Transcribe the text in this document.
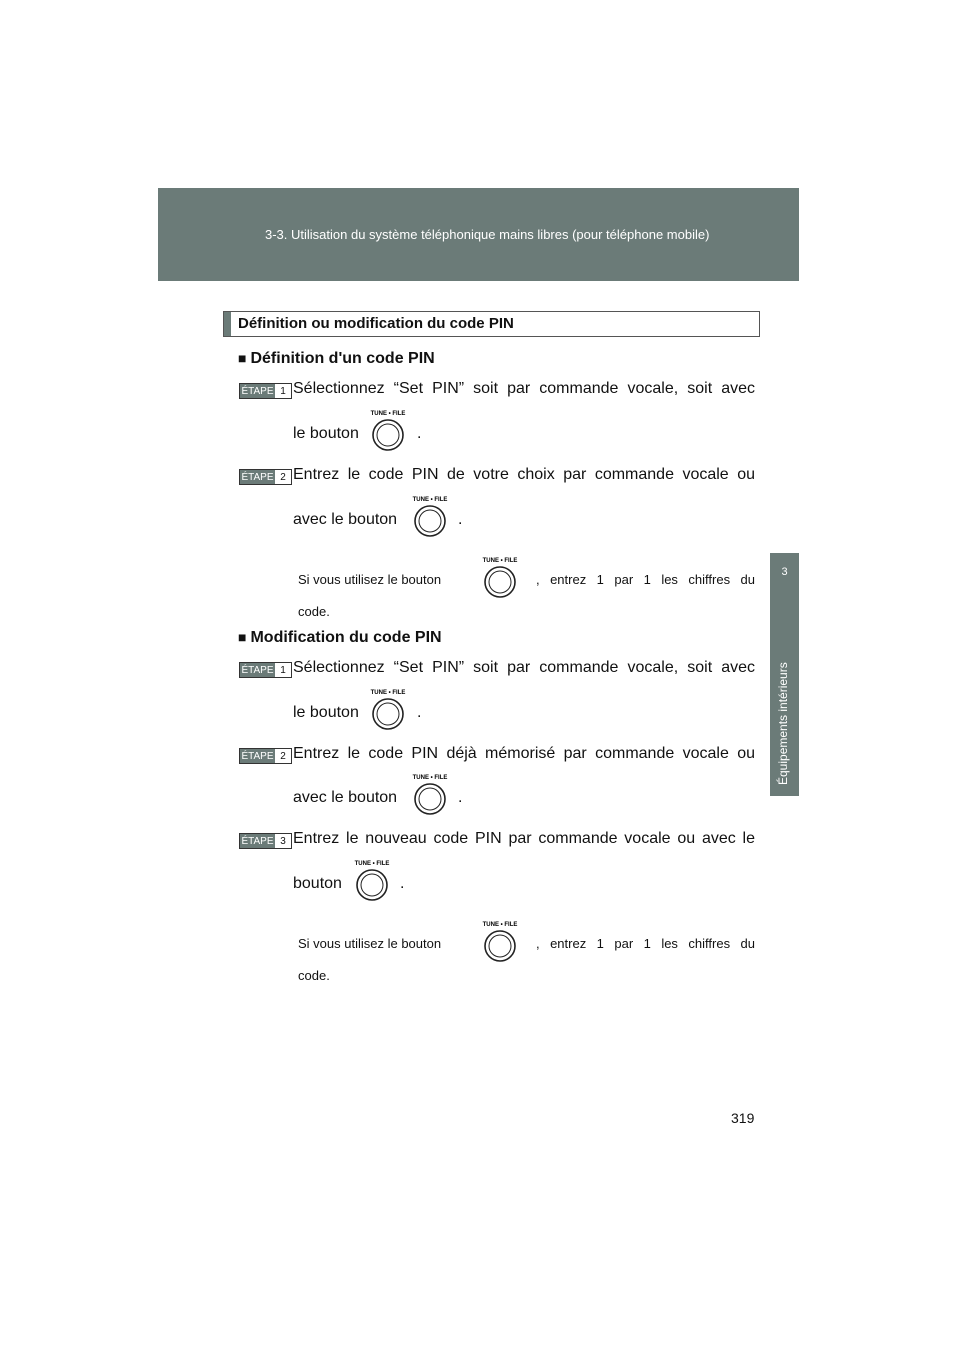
3-3. Utilisation du système téléphonique mains libres (pour téléphone mobile)
3
Équipements intérieurs
Définition ou modification du code PIN
■ Définition d'un code PIN
ÉTAPE 1 Sélectionnez “Set PIN” soit par commande vocale, soit avec
le bouton
TUNE • FILE
.
ÉTAPE 2 Entrez le code PIN de votre choix par commande vocale ou
avec le bouton
TUNE • FILE
.
Si vous utilisez le bouton
TUNE • FILE
, entrez 1 par 1 les chiffres du
code.
■ Modification du code PIN
ÉTAPE 1 Sélectionnez “Set PIN” soit par commande vocale, soit avec
le bouton
TUNE • FILE
.
ÉTAPE 2 Entrez le code PIN déjà mémorisé par commande vocale ou
avec le bouton
TUNE • FILE
.
ÉTAPE 3 Entrez le nouveau code PIN par commande vocale ou avec le
bouton
TUNE • FILE
.
Si vous utilisez le bouton
TUNE • FILE
, entrez 1 par 1 les chiffres du
code.
319
